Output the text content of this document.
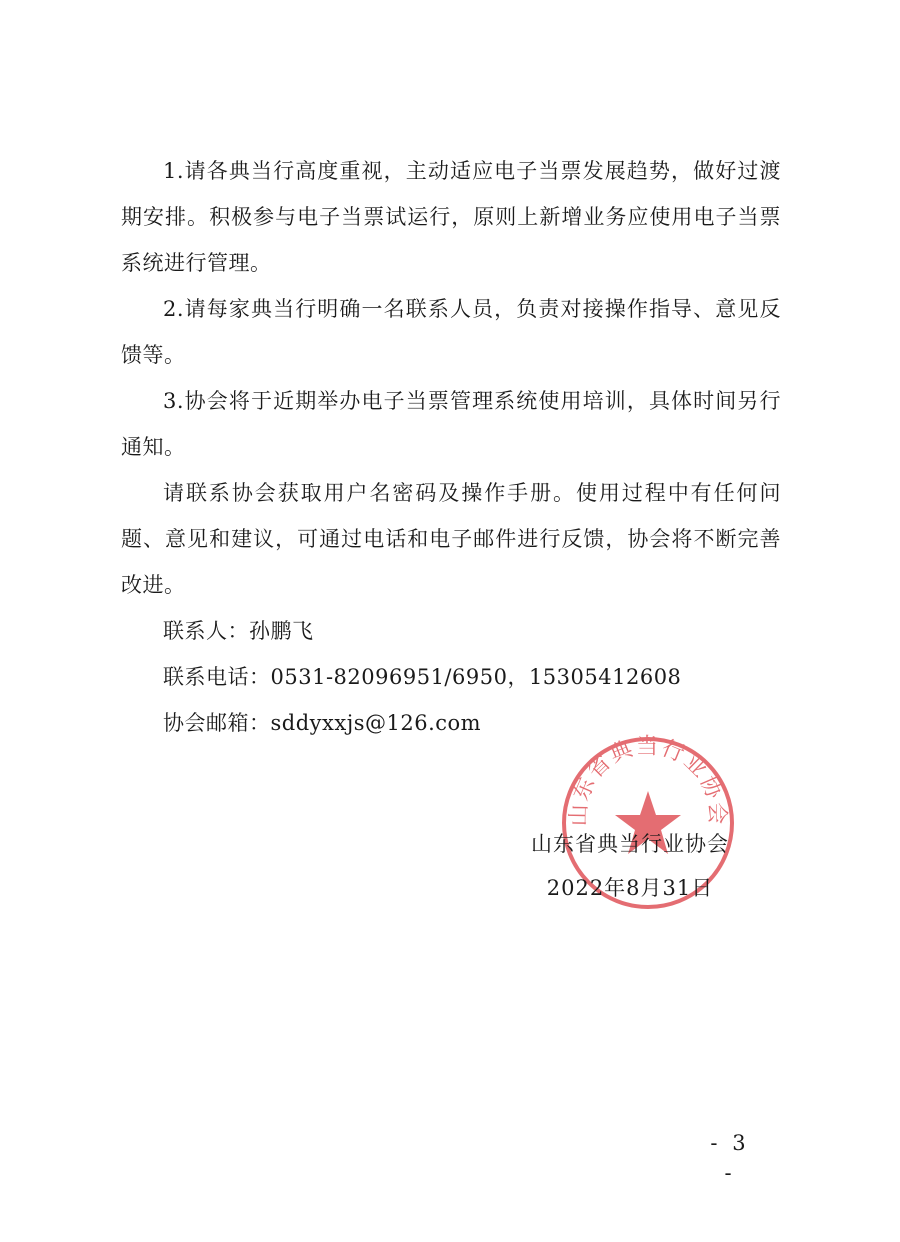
1.请各典当行高度重视，主动适应电子当票发展趋势，做好过渡期安排。积极参与电子当票试运行，原则上新增业务应使用电子当票系统进行管理。

2.请每家典当行明确一名联系人员，负责对接操作指导、意见反馈等。

3.协会将于近期举办电子当票管理系统使用培训，具体时间另行通知。

请联系协会获取用户名密码及操作手册。使用过程中有任何问题、意见和建议，可通过电话和电子邮件进行反馈，协会将不断完善改进。

联系人：孙鹏飞

联系电话：0531-82096951/6950，15305412608

协会邮箱：sddyxxjs@126.com

山东省典当行业协会
山东省典当行业协会
2022年8月31日
- 3 -
